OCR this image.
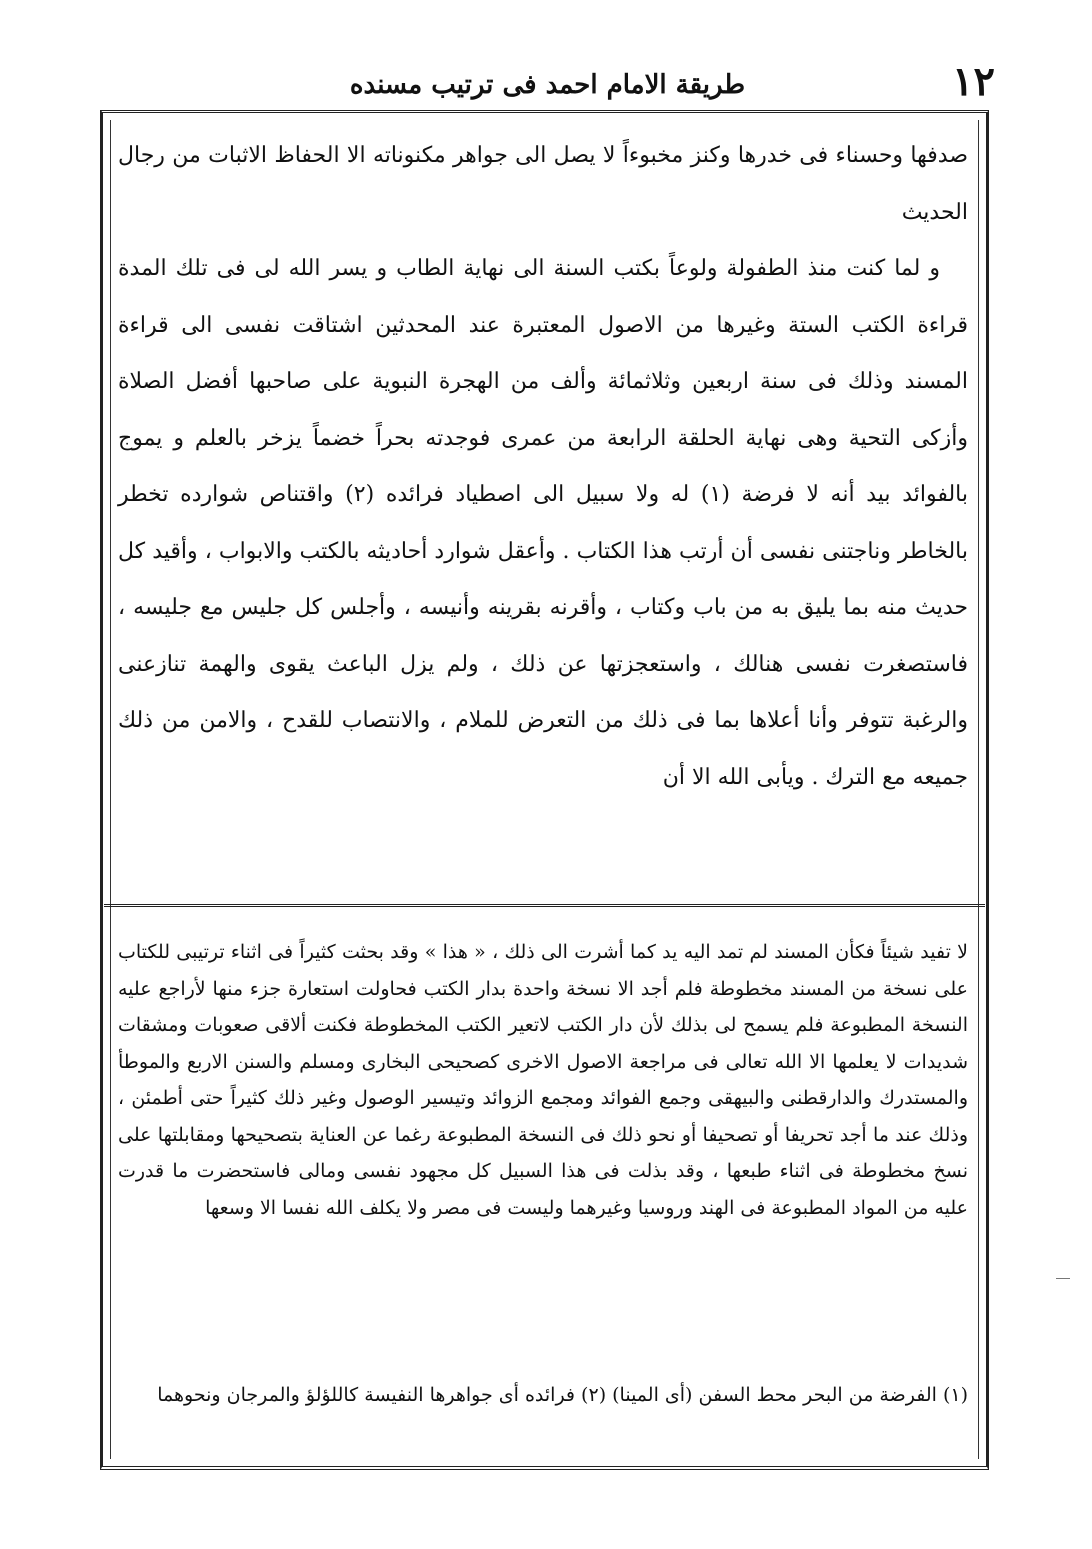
١٢
طريقة الامام احمد فى ترتيب مسنده

صدفها وحسناء فى خدرها وكنز مخبوءاً لا يصل الى جواهر مكنوناته الا الحفاظ الاثبات من رجال الحديث

و لما كنت منذ الطفولة ولوعاً بكتب السنة الى نهاية الطاب و يسر الله لى فى تلك المدة قراءة الكتب الستة وغيرها من الاصول المعتبرة عند المحدثين اشتاقت نفسى الى قراءة المسند وذلك فى سنة اربعين وثلاثمائة وألف من الهجرة النبوية على صاحبها أفضل الصلاة وأزكى التحية وهى نهاية الحلقة الرابعة من عمرى فوجدته بحراً خضماً يزخر بالعلم و يموج بالفوائد بيد أنه لا فرضة (١) له ولا سبيل الى اصطياد فرائده (٢) واقتناص شوارده تخطر بالخاطر وناجتنى نفسى أن أرتب هذا الكتاب . وأعقل شوارد أحاديثه بالكتب والابواب ، وأقيد كل حديث منه بما يليق به من باب وكتاب ، وأقرنه بقرينه وأنيسه ، وأجلس كل جليس مع جليسه ، فاستصغرت نفسى هنالك ، واستعجزتها عن ذلك ، ولم يزل الباعث يقوى والهمة تنازعنى والرغبة تتوفر وأنا أعلاها بما فى ذلك من التعرض للملام ، والانتصاب للقدح ، والامن من ذلك جميعه مع الترك . ويأبى الله الا أن

لا تفيد شيئاً فكأن المسند لم تمد اليه يد كما أشرت الى ذلك ، « هذا » وقد بحثت كثيراً فى اثناء ترتيبى للكتاب على نسخة من المسند مخطوطة فلم أجد الا نسخة واحدة بدار الكتب فحاولت استعارة جزء منها لأراجع عليه النسخة المطبوعة فلم يسمح لى بذلك لأن دار الكتب لاتعير الكتب المخطوطة فكنت ألاقى صعوبات ومشقات شديدات لا يعلمها الا الله تعالى فى مراجعة الاصول الاخرى كصحيحى البخارى ومسلم والسنن الاربع والموطأ والمستدرك والدارقطنى والبيهقى وجمع الفوائد ومجمع الزوائد وتيسير الوصول وغير ذلك كثيراً حتى أطمئن ، وذلك عند ما أجد تحريفا أو تصحيفا أو نحو ذلك فى النسخة المطبوعة رغما عن العناية بتصحيحها ومقابلتها على نسخ مخطوطة فى اثناء طبعها ، وقد بذلت فى هذا السبيل كل مجهود نفسى ومالى فاستحضرت ما قدرت عليه من المواد المطبوعة فى الهند وروسيا وغيرهما وليست فى مصر ولا يكلف الله نفسا الا وسعها

(١) الفرضة من البحر محط السفن (أى المينا) (٢) فرائده أى جواهرها النفيسة كاللؤلؤ والمرجان ونحوهما
